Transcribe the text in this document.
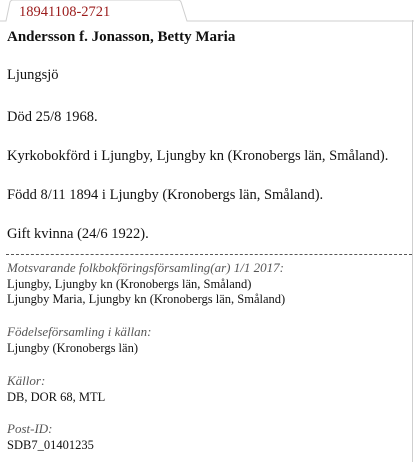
18941108-2721
Andersson f. Jonasson, Betty Maria
Ljungsjö
Död 25/8 1968.
Kyrkobokförd i Ljungby, Ljungby kn (Kronobergs län, Småland).
Född 8/11 1894 i Ljungby (Kronobergs län, Småland).
Gift kvinna (24/6 1922).
Motsvarande folkbokföringsförsamling(ar) 1/1 2017:
Ljungby, Ljungby kn (Kronobergs län, Småland)
Ljungby Maria, Ljungby kn (Kronobergs län, Småland)
Födelseförsamling i källan:
Ljungby (Kronobergs län)
Källor:
DB, DOR 68, MTL
Post-ID:
SDB7_01401235
